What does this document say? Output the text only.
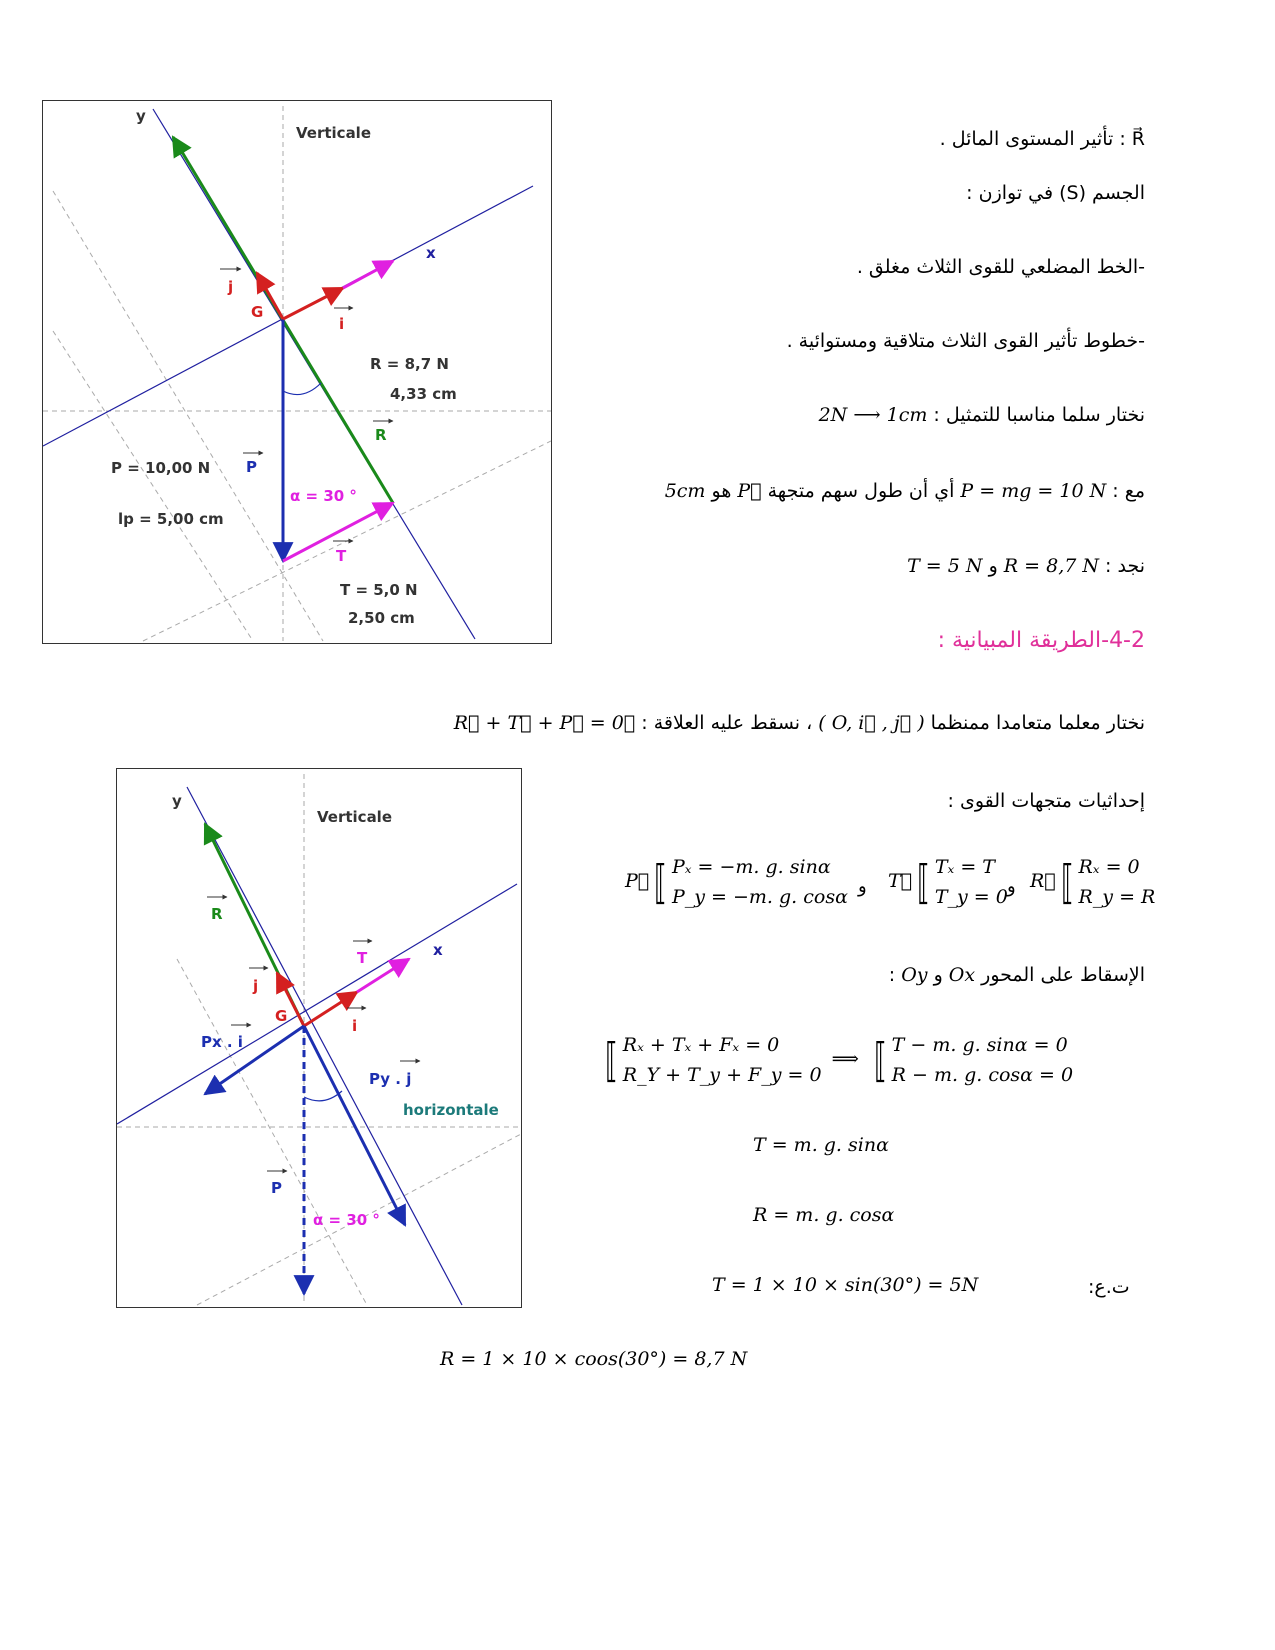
y
x
Verticale
G
j
i
R = 8,7 N
4,33 cm
R
P = 10,00 N P
lp = 5,00 cm
α = 30 °
T
T = 5,0 N
2,50 cm
R⃗ : تأثير المستوى المائل .
الجسم (S) في توازن :
-الخط المضلعي للقوى الثلاث مغلق .
-خطوط تأثير القوى الثلاث متلاقية ومستوائية .
نختار سلما مناسبا للتمثيل : 2N ⟶ 1cm
مع : P = mg = 10 N أي أن طول سهم متجهة P⃗ هو 5cm
نجد : R = 8,7 N و T = 5 N
4-2-الطريقة المبيانية :
نختار معلما متعامدا ممنظما ( O, i⃗ , j⃗ ) ، نسقط عليه العلاقة : R⃗ + T⃗ + P⃗ = 0⃗
إحداثيات متجهات القوى :
P⃗ ⟦ Pₓ = −m. g. sinα
P_y = −m. g. cosα و T⃗ ⟦ Tₓ = T
T_y = 0 و R⃗ ⟦ Rₓ = 0
R_y = R
الإسقاط على المحور Ox و Oy :
⟦ Rₓ + Tₓ + Fₓ = 0
R_Y + T_y + F_y = 0 ⟹ ⟦ T − m. g. sinα = 0
R − m. g. cosα = 0
T = m. g. sinα
R = m. g. cosα
ت.ع:
T = 1 × 10 × sin(30°) = 5N
R = 1 × 10 × coos(30°) = 8,7 N
y
Verticale
R
T	x
j
G
i
Px . i
Py . j
horizontale
P
α = 30 °
